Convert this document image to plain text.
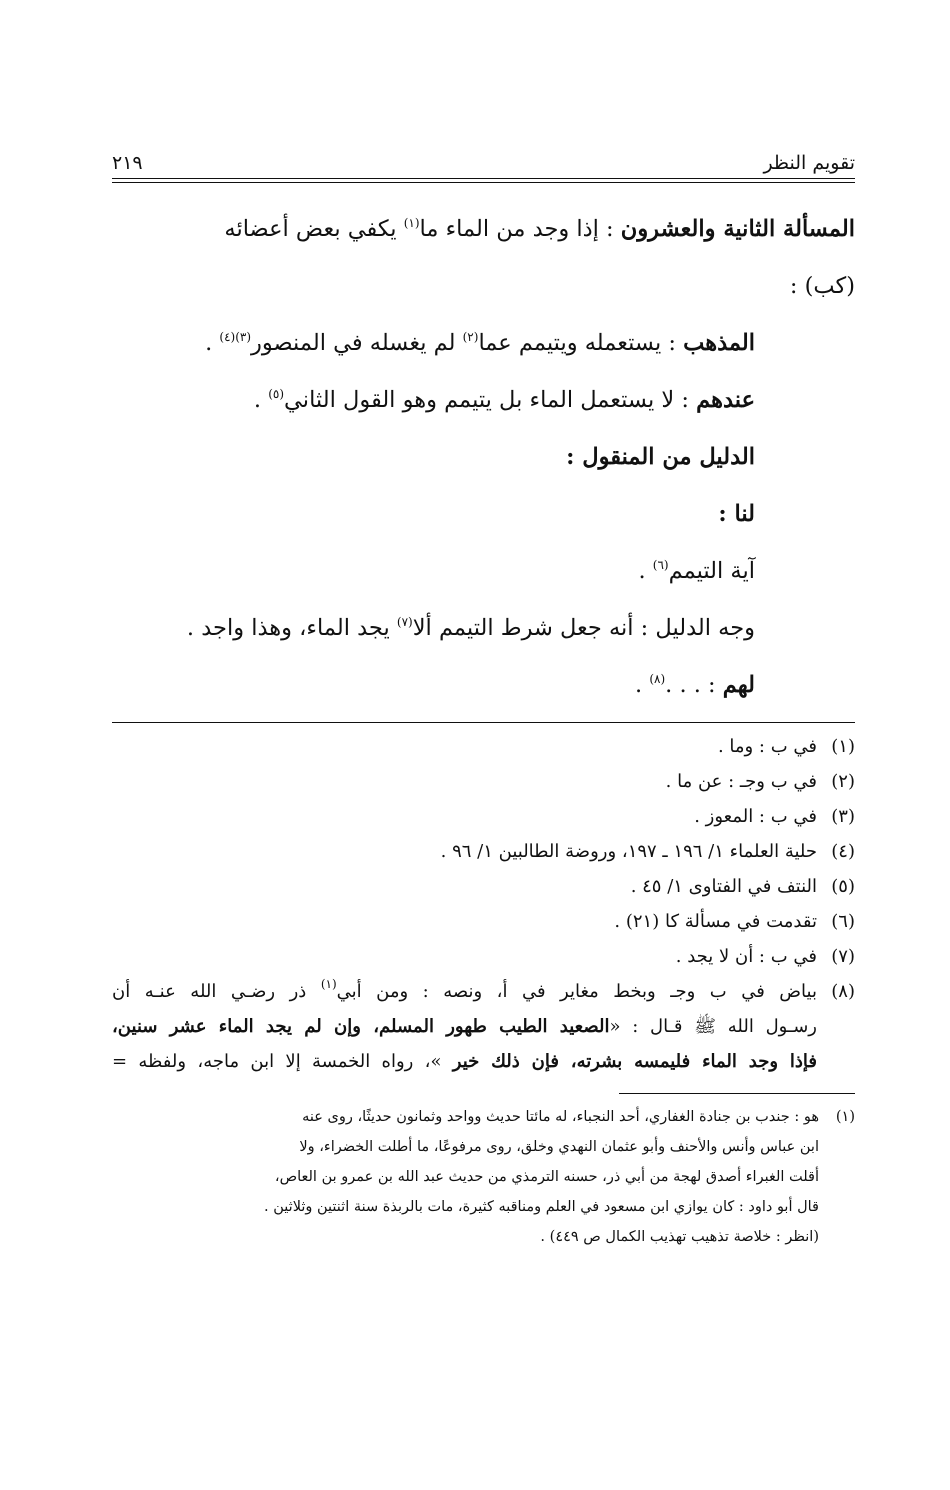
تقويم النظر
٢١٩
المسألة الثانية والعشرون : إذا وجد من الماء ما$^{(١)}$ يكفي بعض أعضائه
(كب) :
المذهب : يستعمله ويتيمم عما$^{(٢)}$ لم يغسله في المنصور$^{(٣)(٤)}$ .
عندهم : لا يستعمل الماء بل يتيمم وهو القول الثاني$^{(٥)}$ .
الدليل من المنقول :
لنا :
آية التيمم$^{(٦)}$ .
وجه الدليل : أنه جعل شرط التيمم ألا$^{(٧)}$ يجد الماء، وهذا واجد .
لهم : . . .$^{(٨)}$ .
(١)
في ب : وما .
(٢)
في ب وجـ : عن ما .
(٣)
في ب : المعوز .
(٤)
حلية العلماء ١/ ١٩٦ ـ ١٩٧، وروضة الطالبين ١/ ٩٦ .
(٥)
النتف في الفتاوى ١/ ٤٥ .
(٦)
تقدمت في مسألة كا (٢١) .
(٧)
في ب : أن لا يجد .
(٨)
بياض في ب وجـ وبخط مغاير في أ، ونصه : ومن أبي$^{(١)}$ ذر رضـي الله عنـه أن
رسـول الله ﷺ قـال : «الصعيد الطيب طهور المسلم، وإن لم يجد الماء عشر سنين،
فإذا وجد الماء فليمسه بشرته، فإن ذلك خير »، رواه الخمسة إلا ابن ماجه، ولفظه =
(١)هو : جندب بن جنادة الغفاري، أحد النجباء، له مائتا حديث وواحد وثمانون حديثًا، روى عنه
ابن عباس وأنس والأحنف وأبو عثمان النهدي وخلق، روى مرفوعًا، ما أطلت الخضراء، ولا
أقلت الغبراء أصدق لهجة من أبي ذر، حسنه الترمذي من حديث عبد الله بن عمرو بن العاص،
قال أبو داود : كان يوازي ابن مسعود في العلم ومناقبه كثيرة، مات بالربذة سنة اثنتين وثلاثين .
(انظر : خلاصة تذهيب تهذيب الكمال ص ٤٤٩) .
